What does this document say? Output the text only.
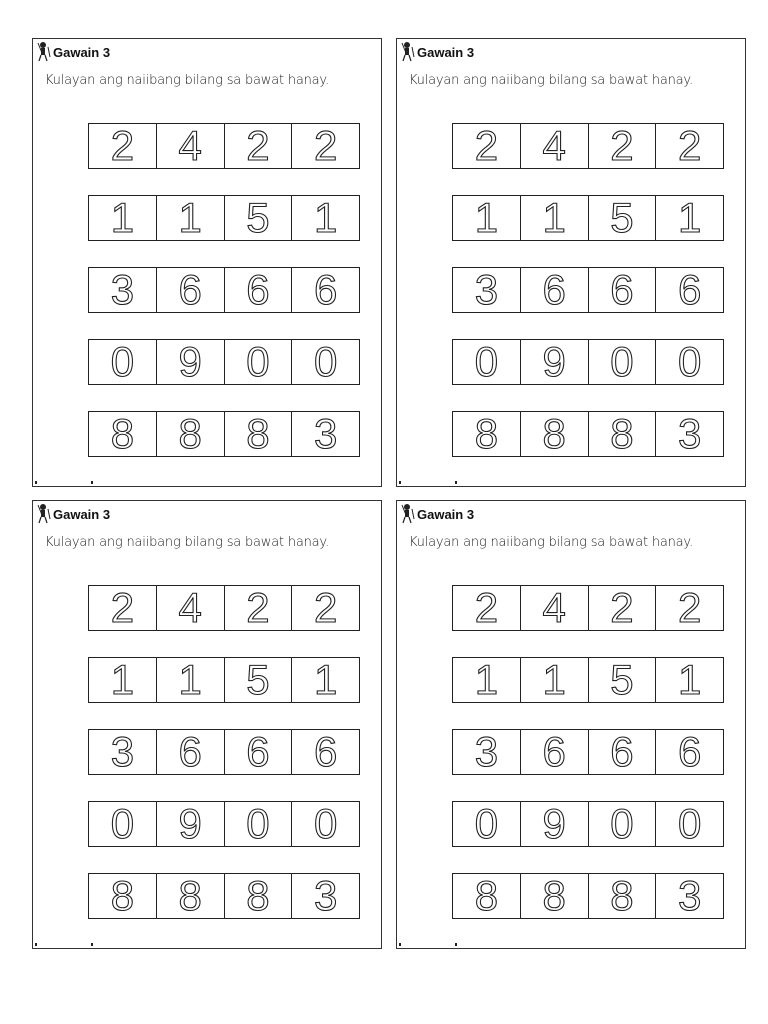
Gawain 3
Kulayan ang naiibang bilang sa bawat hanay.
2	4	2	2
1	1	5	1
3	6	6	6
0	9	0	0
8	8	8	3
Gawain 3
Kulayan ang naiibang bilang sa bawat hanay.
2	4	2	2
1	1	5	1
3	6	6	6
0	9	0	0
8	8	8	3
Gawain 3
Kulayan ang naiibang bilang sa bawat hanay.
2	4	2	2
1	1	5	1
3	6	6	6
0	9	0	0
8	8	8	3
Gawain 3
Kulayan ang naiibang bilang sa bawat hanay.
2	4	2	2
1	1	5	1
3	6	6	6
0	9	0	0
8	8	8	3
